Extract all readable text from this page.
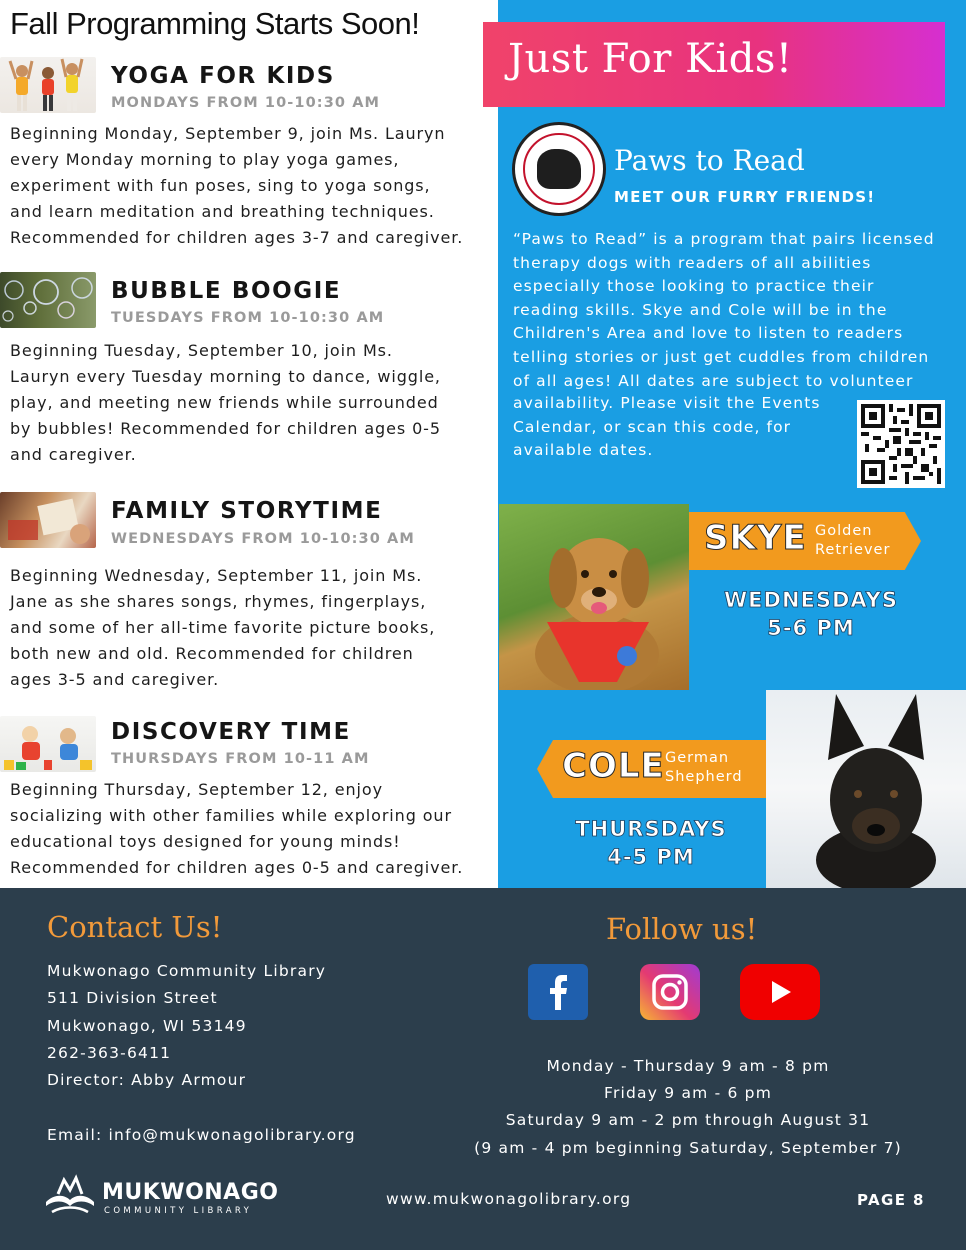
Fall Programming Starts Soon!
YOGA FOR KIDS
MONDAYS FROM 10-10:30 AM
Beginning Monday, September 9, join Ms. Lauryn
every Monday morning to play yoga games,
experiment with fun poses, sing to yoga songs,
and learn meditation and breathing techniques.
Recommended for children ages 3-7 and caregiver.
BUBBLE BOOGIE
TUESDAYS FROM 10-10:30 AM
Beginning Tuesday, September 10, join Ms.
Lauryn every Tuesday morning to dance, wiggle,
play, and meeting new friends while surrounded
by bubbles! Recommended for children ages 0-5
and caregiver.
FAMILY STORYTIME
WEDNESDAYS FROM 10-10:30 AM
Beginning Wednesday, September 11, join Ms.
Jane as she shares songs, rhymes, fingerplays,
and some of her all-time favorite picture books,
both new and old. Recommended for children
ages 3-5 and caregiver.
DISCOVERY TIME
THURSDAYS FROM 10-11 AM
Beginning Thursday, September 12, enjoy
socializing with other families while exploring our
educational toys designed for young minds!
Recommended for children ages 0-5 and caregiver.
Just For Kids!
Paws to Read
MEET OUR FURRY FRIENDS!
“Paws to Read” is a program that pairs licensed
therapy dogs with readers of all abilities
especially those looking to practice their
reading skills. Skye and Cole will be in the
Children's Area and love to listen to readers
telling stories or just get cuddles from children
of all ages! All dates are subject to volunteer
availability. Please visit the Events
Calendar, or scan this code, for
available dates.
SKYE Golden
Retriever
WEDNESDAYS
5-6 PM
COLE German
Shepherd
THURSDAYS
4-5 PM
Contact Us!
Mukwonago Community Library
511 Division Street
Mukwonago, WI 53149
262-363-6411
Director: Abby Armour
Email: info@mukwonagolibrary.org
Follow us!
Monday - Thursday 9 am - 8 pm
Friday 9 am - 6 pm
Saturday 9 am - 2 pm through August 31
(9 am - 4 pm beginning Saturday, September 7)
MUKWONAGO
COMMUNITY LIBRARY
www.mukwonagolibrary.org	PAGE 8
